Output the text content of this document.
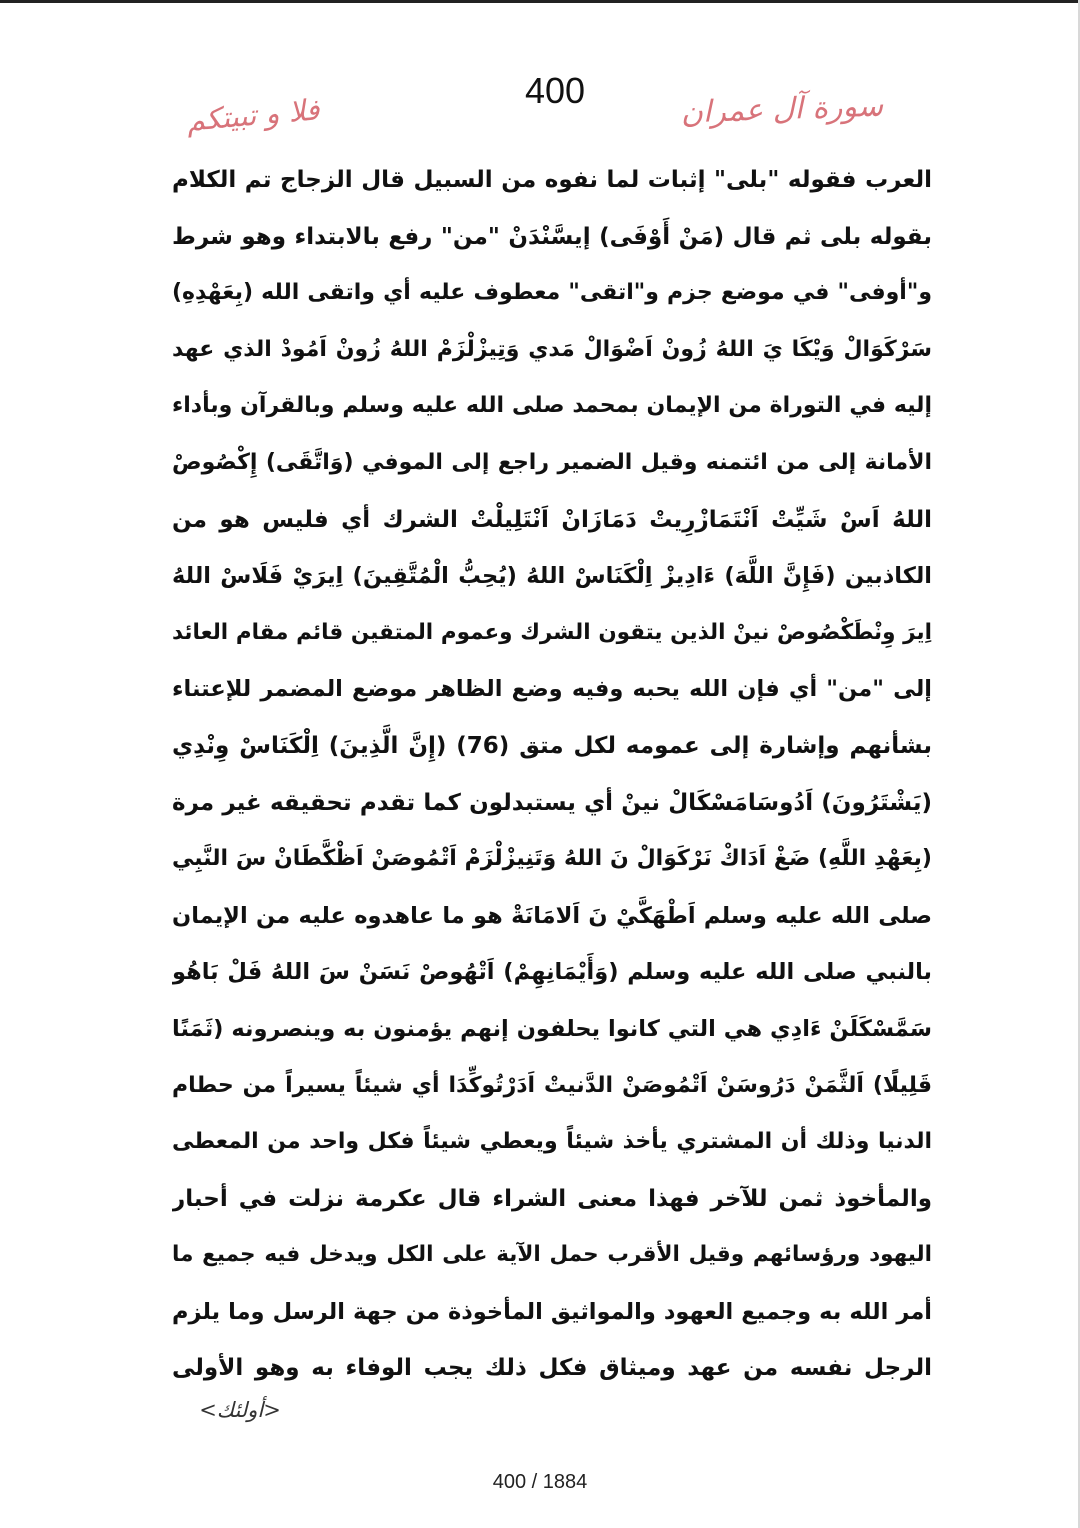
400	سورة آل عمران
فلا و تبيتكم
العرب فقوله "بلى" إثبات لما نفوه من السبيل قال الزجاج تم الكلام
بقوله بلى ثم قال (مَنْ أَوْفَى) إيسَّنْدَنْ "من" رفع بالابتداء وهو شرط
و"أوفى" في موضع جزم و"اتقى" معطوف عليه أي واتقى الله (بِعَهْدِهِ)
سَرْكَوَالْ وَيْكَا يَ اللهُ زُونْ اَضْوَالْ مَدي وَتِيزْلْزَمْ اللهُ زُونْ اَمُودْ الذي عهد
إليه في التوراة من الإيمان بمحمد صلى الله عليه وسلم وبالقرآن وبأداء
الأمانة إلى من ائتمنه وقيل الضمير راجع إلى الموفي (وَاتَّقَى) إِكْصُوصْ
اللهُ اَسْ شَيِّتْ اَنْتَمَازْرِيتْ دَمَازَانْ اَنْتَلِيلْتْ الشرك أي فليس هو من
الكاذبين (فَإِنَّ اللَّهَ) ءَادِيزْ اِلْكَنَاسْ اللهُ (يُحِبُّ الْمُتَّقِينَ) اِيرَيْ فَلَاسْ اللهُ
اِيرَ وِنْطَكْصُوصْ نينْ الذين يتقون الشرك وعموم المتقين قائم مقام العائد
إلى "من" أي فإن الله يحبه وفيه وضع الظاهر موضع المضمر للإعتناء
بشأنهم وإشارة إلى عمومه لكل متق (76) (إِنَّ الَّذِينَ) اِلْكَنَاسْ وِنْدِي
(يَشْتَرُونَ) اَدُوسَامَسْكَالْ نينْ أي يستبدلون كما تقدم تحقيقه غير مرة
(بِعَهْدِ اللَّهِ) ضَغْ اَدَاكْ نَرْكَوَالْ نَ اللهُ وَتَنِيزْلْزَمْ اَتْمُوصَنْ اَظْكَّطَانْ سَ النَّبِي
صلى الله عليه وسلم اَطْهَكَّيْ نَ اَلامَانَةْ هو ما عاهدوه عليه من الإيمان
بالنبي صلى الله عليه وسلم (وَأَيْمَانِهِمْ) اَتْهُوصْ نَسَنْ سَ اللهُ فَلْ بَاهُو
سَمَّسْكَلَنْ ءَادِي هي التي كانوا يحلفون إنهم يؤمنون به وينصرونه (ثَمَنًا
قَلِيلًا) اَلثَّمَنْ دَرُوسَنْ اَتْمُوصَنْ الدَّنيتْ اَدَرْتُوكِّدَا أي شيئاً يسيراً من حطام
الدنيا وذلك أن المشتري يأخذ شيئاً ويعطي شيئاً فكل واحد من المعطى
والمأخوذ ثمن للآخر فهذا معنى الشراء قال عكرمة نزلت في أحبار
اليهود ورؤسائهم وقيل الأقرب حمل الآية على الكل ويدخل فيه جميع ما
أمر الله به وجميع العهود والمواثيق المأخوذة من جهة الرسل وما يلزم
الرجل نفسه من عهد وميثاق فكل ذلك يجب الوفاء به وهو الأولى
<أولئك>
400 / 1884
